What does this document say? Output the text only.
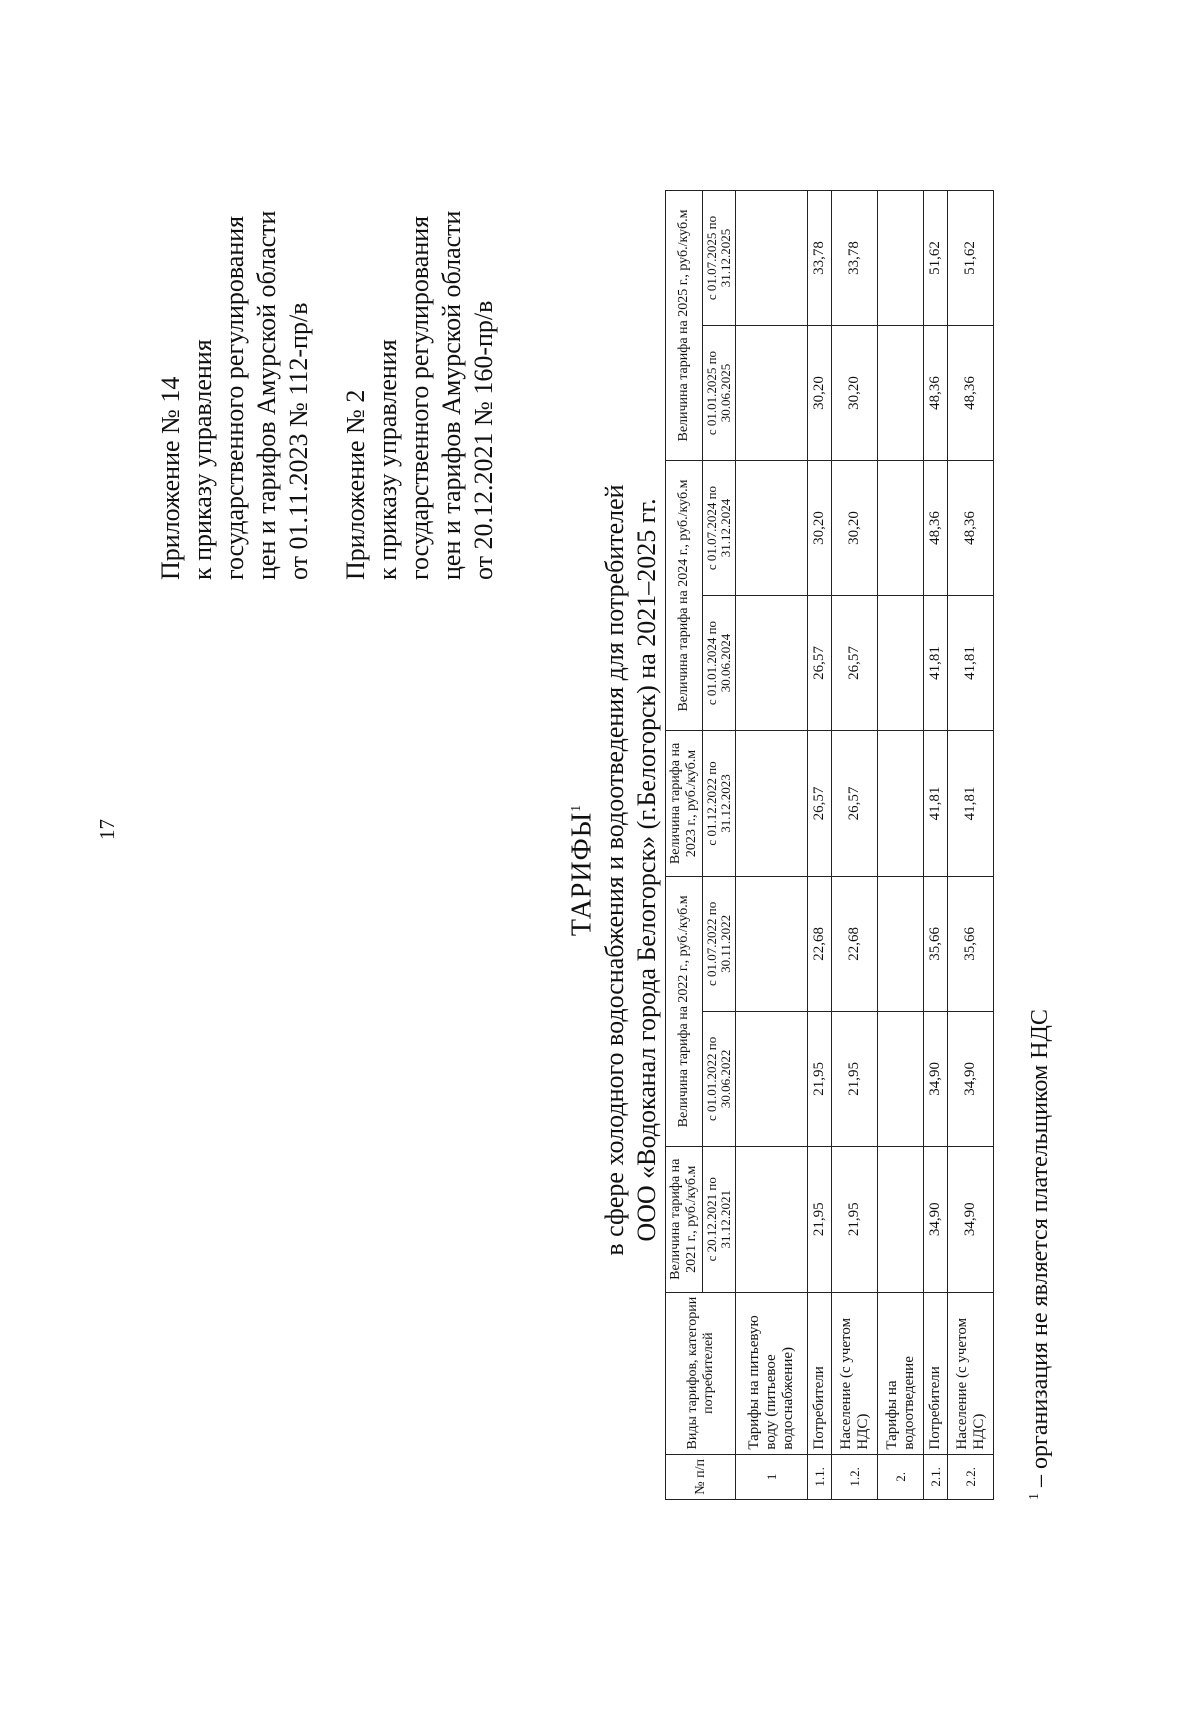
17
Приложение № 14 к приказу управления государственного регулирования цен и тарифов Амурской области от 01.11.2023 № 112-пр/в Приложение № 2 к приказу управления государственного регулирования цен и тарифов Амурской области от 20.12.2021 № 160-пр/в
ТАРИФЫ$^1$ в сфере холодного водоснабжения и водоотведения для потребителей ООО «Водоканал города Белогорск» (г.Белогорск) на 2021–2025 гг.
№ п/п	Виды тарифов, категории потребителей	Величина тарифа на 2021 г., руб./куб.м	Величина тарифа на 2022 г., руб./куб.м		Величина тарифа на 2023 г., руб./куб.м	Величина тарифа на 2024 г., руб./куб.м		Величина тарифа на 2025 г., руб./куб.м	
		с 20.12.2021 по 31.12.2021	с 01.01.2022 по 30.06.2022	с 01.07.2022 по 30.11.2022	с 01.12.2022 по 31.12.2023	с 01.01.2024 по 30.06.2024	с 01.07.2024 по 31.12.2024	с 01.01.2025 по 30.06.2025	с 01.07.2025 по 31.12.2025
1	Тарифы на питьевую воду (питьевое водоснабжение)								
1.1.	Потребители	21,95	21,95	22,68	26,57	26,57	30,20	30,20	33,78
1.2.	Население (с учетом НДС)	21,95	21,95	22,68	26,57	26,57	30,20	30,20	33,78
2.	Тарифы на водоотведение								
2.1.	Потребители	34,90	34,90	35,66	41,81	41,81	48,36	48,36	51,62
2.2.	Население (с учетом НДС)	34,90	34,90	35,66	41,81	41,81	48,36	48,36	51,62
$^1$ – организация не является плательщиком НДС
